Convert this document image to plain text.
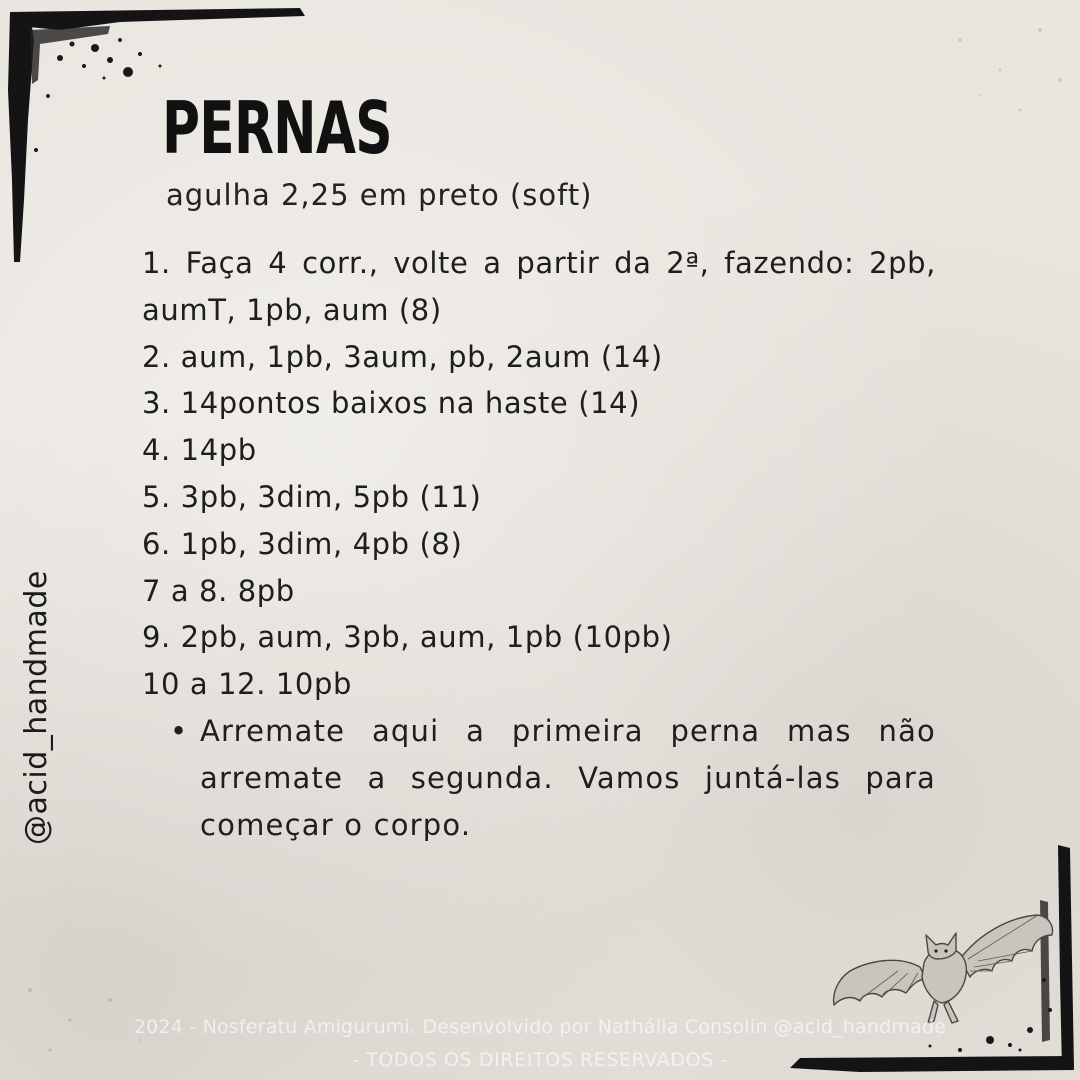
PERNAS

agulha 2,25 em preto (soft)

1. Faça 4 corr., volte a partir da 2ª, fazendo: 2pb, aumT, 1pb, aum (8)
2. aum, 1pb, 3aum, pb, 2aum (14)
3. 14pontos baixos na haste (14)
4. 14pb
5. 3pb, 3dim, 5pb (11)
6. 1pb, 3dim, 4pb (8)
7 a 8. 8pb
9. 2pb, aum, 3pb, aum, 1pb (10pb)
10 a 12. 10pb
• Arremate aqui a primeira perna mas não arremate a segunda. Vamos juntá-las para começar o corpo.
@acid_handmade
2024 - Nosferatu Amigurumi. Desenvolvido por Nathália Consolin @acid_handmade
- TODOS OS DIREITOS RESERVADOS -
